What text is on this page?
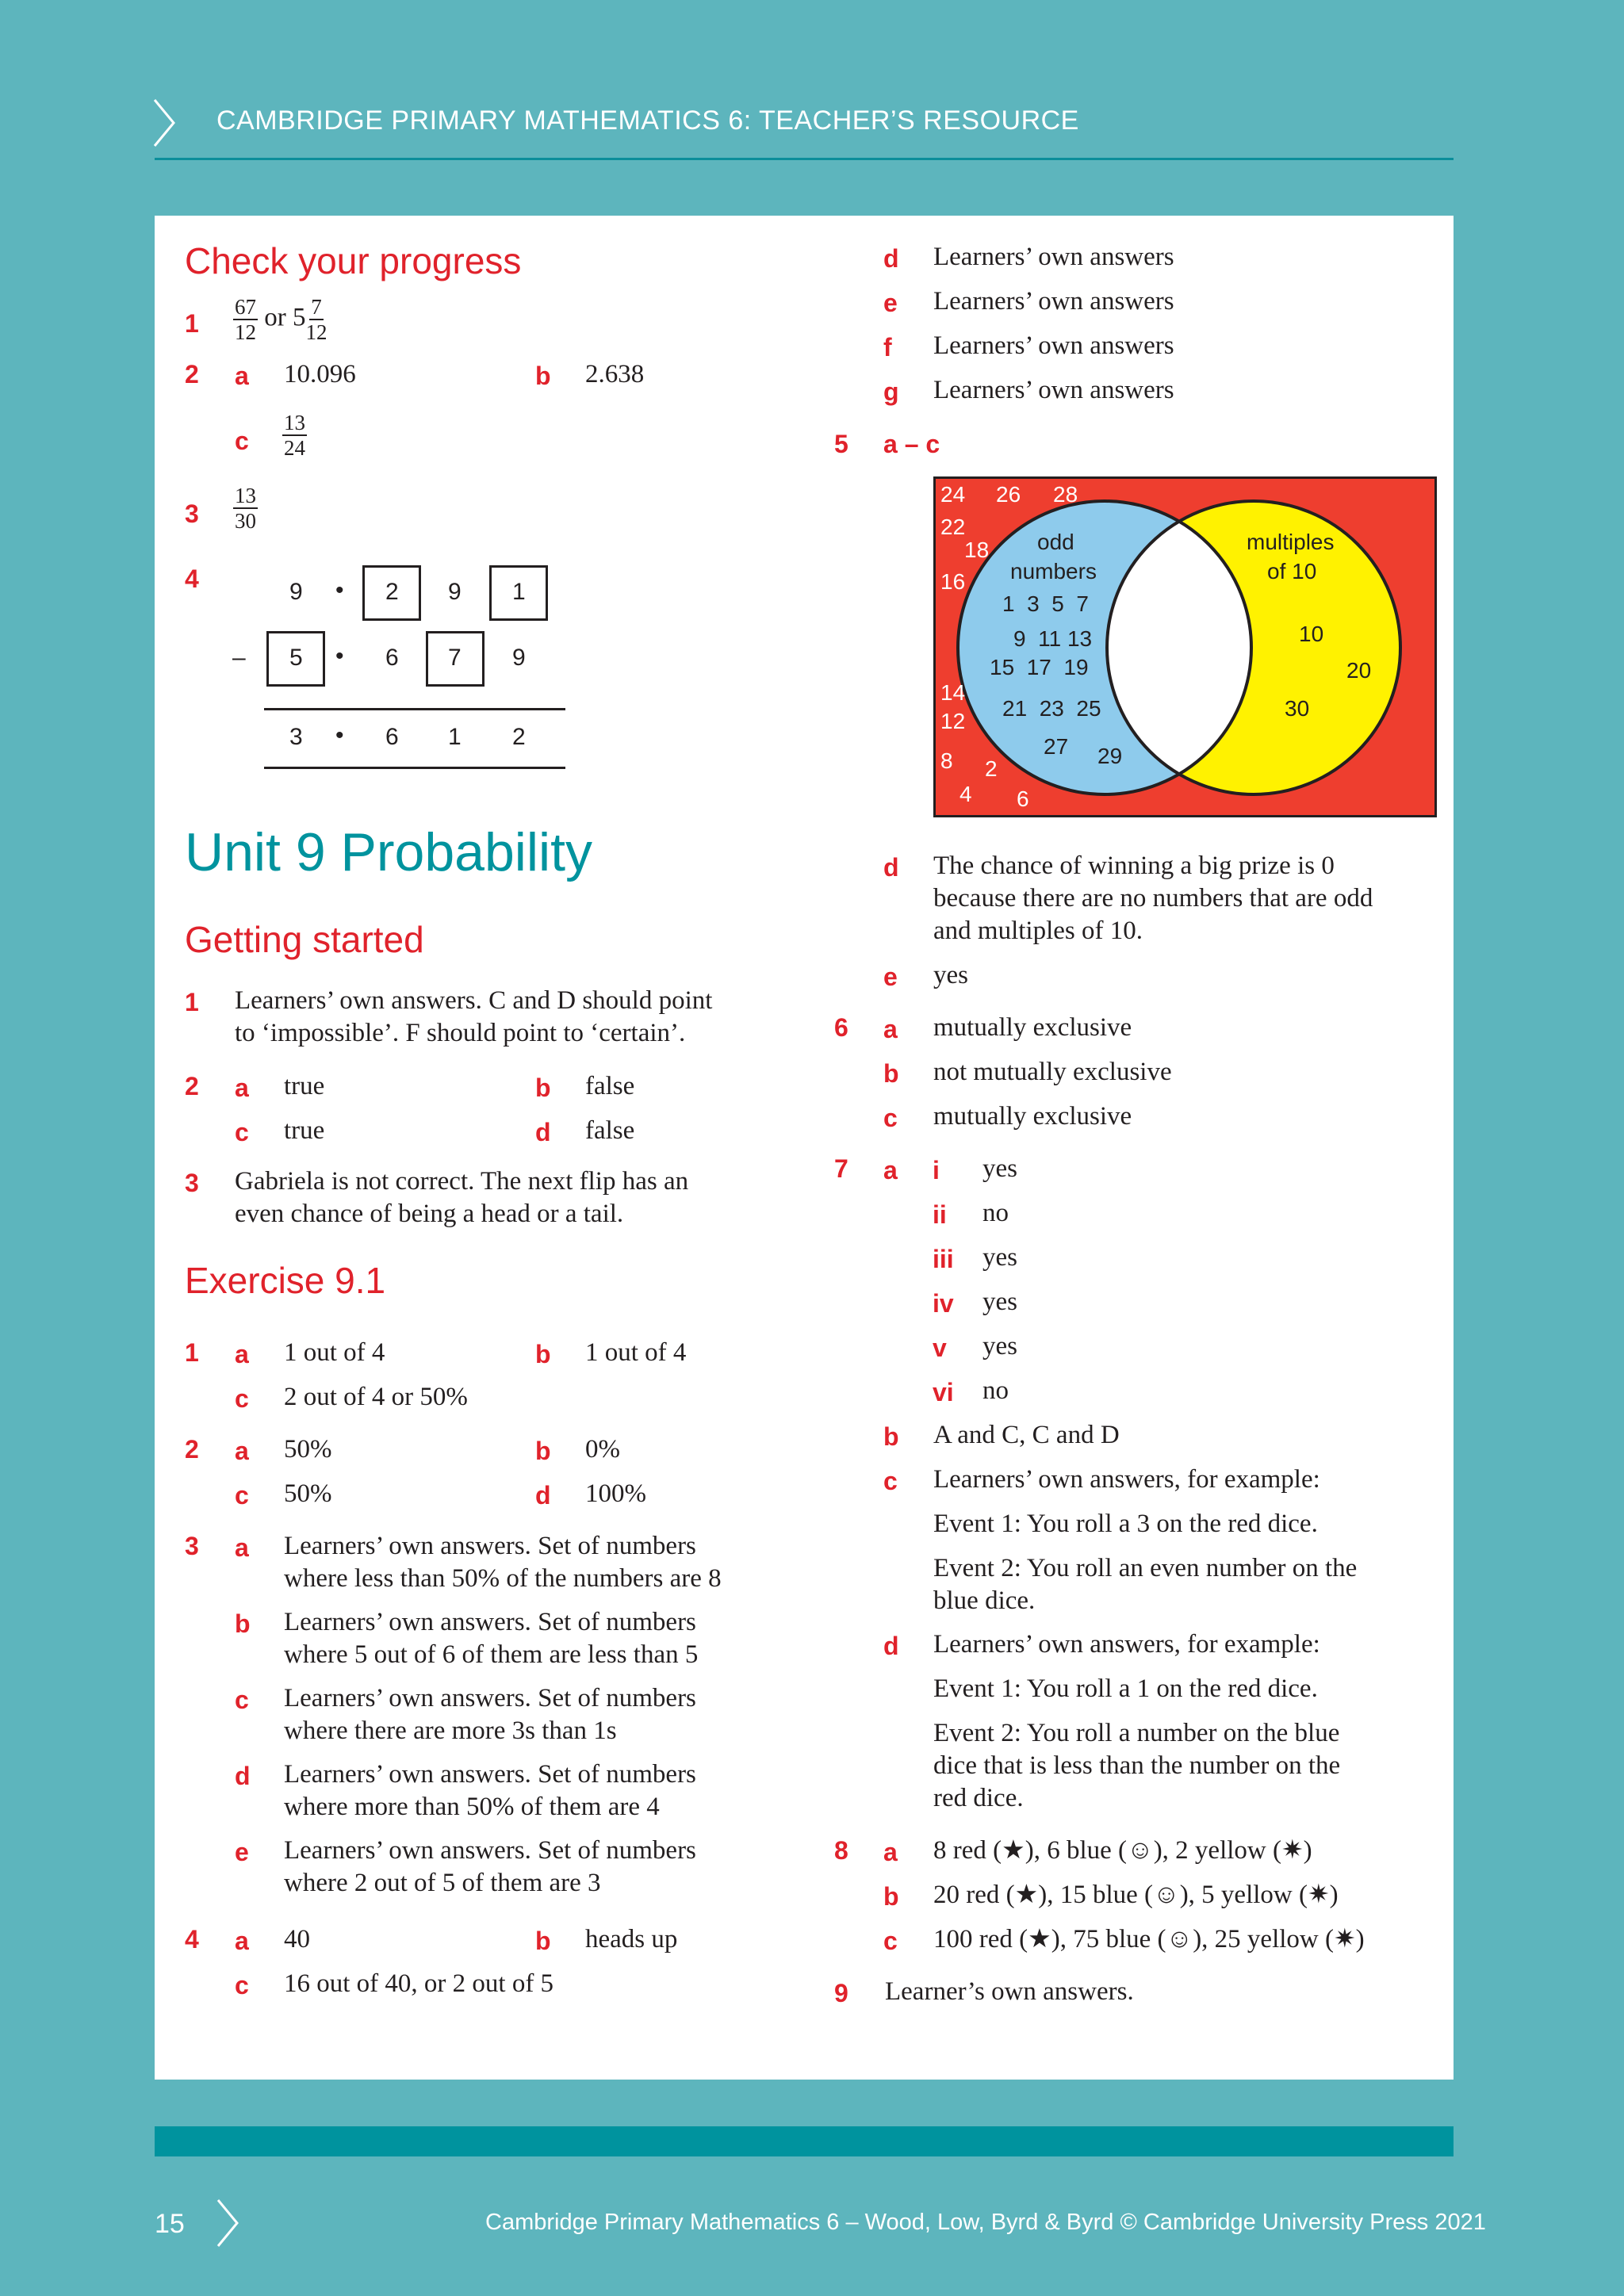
CAMBRIDGE PRIMARY MATHEMATICS 6: TEACHER’S RESOURCE
Check your progress
$1 \frac{67}{12}$ or $5 \frac{7}{12}$
2 a 10.096	b 2.638
c $\frac{13}{24}$
$3 \frac{13}{30}$
4	9 • 2 9 1
– 5 • 6 7 9
3 • 6 1 2
Unit 9 Probability
Getting started
1 Learners’ own answers. C and D should point
to ‘impossible’. F should point to ‘certain’.
2 a true	b false
c true	d false
3 Gabriela is not correct. The next flip has an
even chance of being a head or a tail.
Exercise 9.1
1 a 1 out of 4	b 1 out of 4
c 2 out of 4 or 50%
2 a 50%	b 0%
c 50%	d 100%
3 a Learners’ own answers. Set of numbers
where less than 50% of the numbers are 8
b Learners’ own answers. Set of numbers
where 5 out of 6 of them are less than 5
c Learners’ own answers. Set of numbers
where there are more 3s than 1s
d Learners’ own answers. Set of numbers
where more than 50% of them are 4
e Learners’ own answers. Set of numbers
where 2 out of 5 of them are 3
4 a 40	b heads up
c 16 out of 40, or 2 out of 5
d Learners’ own answers
e Learners’ own answers
f Learners’ own answers
g Learners’ own answers
5 a – c
24 26 28
22
18
16
14
12
8 2
4 6
odd
numbers
1  3  5  7
9  11 13
15  17  19
21  23  25
27 29
multiples
of 10
10
20
30
d The chance of winning a big prize is 0
because there are no numbers that are odd
and multiples of 10.
e yes
6 a mutually exclusive
b not mutually exclusive
c mutually exclusive
7 a i yes
ii no
iii yes
iv yes
v yes
vi no
b A and C, C and D
c Learners’ own answers, for example:
Event 1: You roll a 3 on the red dice.
Event 2: You roll an even number on the
blue dice.
d Learners’ own answers, for example:
Event 1: You roll a 1 on the red dice.
Event 2: You roll a number on the blue
dice that is less than the number on the
red dice.
8 a 8 red (★), 6 blue (☺), 2 yellow (✷)
b 20 red (★), 15 blue (☺), 5 yellow (✷)
c 100 red (★), 75 blue (☺), 25 yellow (✷)
9 Learner’s own answers.
15	Cambridge Primary Mathematics 6 – Wood, Low, Byrd & Byrd © Cambridge University Press 2021
